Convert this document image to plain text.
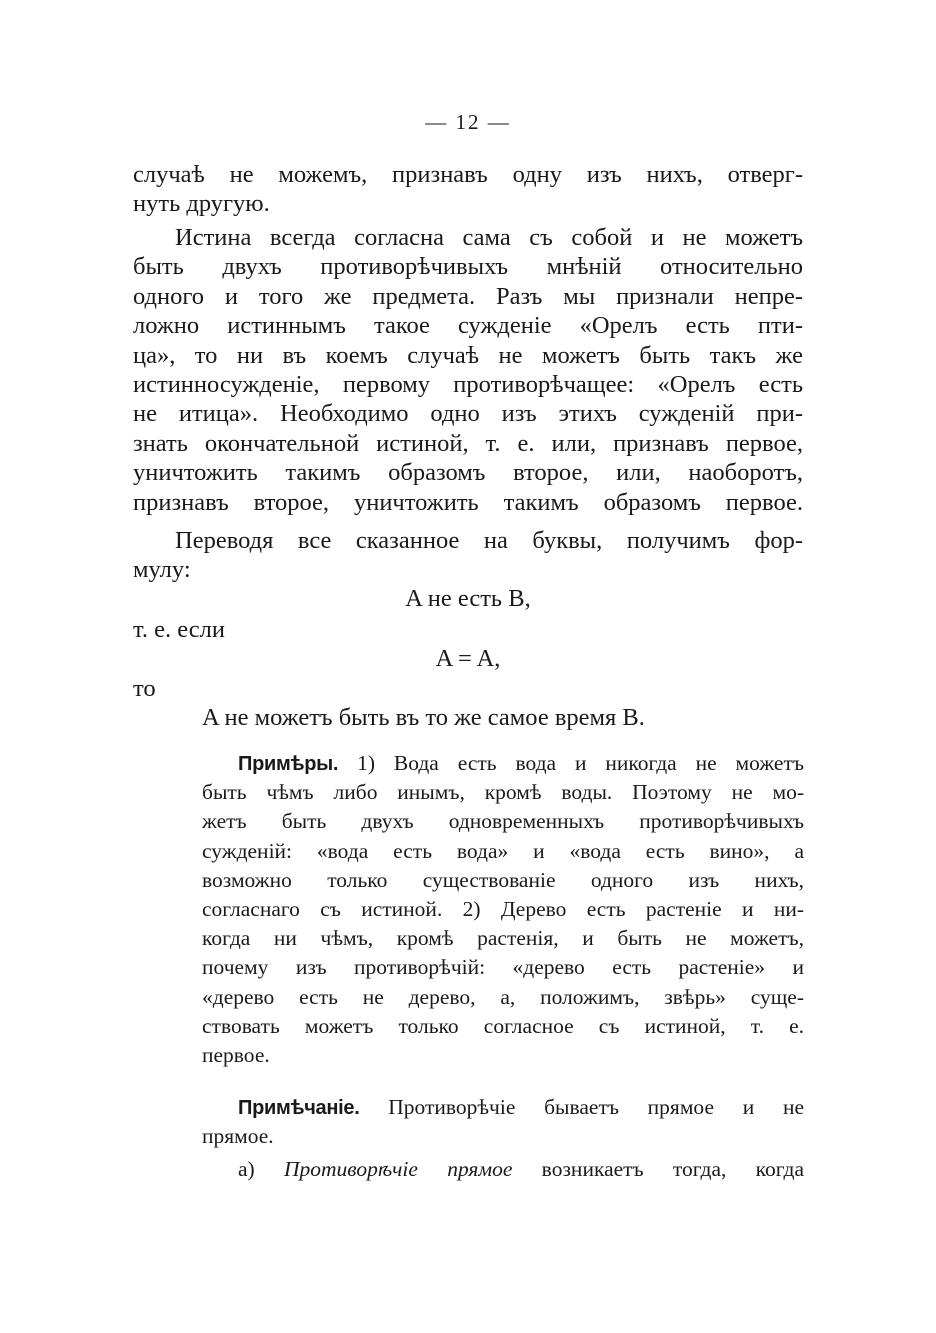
— 12 —
случаѣ не можемъ, признавъ одну изъ нихъ, отверг-
нуть другую.
Истина всегда согласна сама съ собой и не можетъ
быть двухъ противорѣчивыхъ мнѣній относительно
одного и того же предмета. Разъ мы признали непре-
ложно истиннымъ такое сужденіе «Орелъ есть пти-
ца», то ни въ коемъ случаѣ не можетъ быть такъ же
истинносужденіе, первому противорѣчащее: «Орелъ есть
не итица». Необходимо одно изъ этихъ сужденій при-
знать окончательной истиной, т. е. или, признавъ первое,
уничтожить такимъ образомъ второе, или, наоборотъ,
признавъ второе, уничтожить такимъ образомъ первое.
Переводя все сказанное на буквы, получимъ фор-
мулу:
A не есть B,
т. е. если
A = A,
то
A не можетъ быть въ то же самое время B.
Примѣры. 1) Вода есть вода и никогда не можетъ
быть чѣмъ либо инымъ, кромѣ воды. Поэтому не мо-
жетъ быть двухъ одновременныхъ противорѣчивыхъ
сужденій: «вода есть вода» и «вода есть вино», а
возможно только существованіе одного изъ нихъ,
согласнаго съ истиной. 2) Дерево есть растеніе и ни-
когда ни чѣмъ, кромѣ растенія, и быть не можетъ,
почему изъ противорѣчій: «дерево есть растеніе» и
«дерево есть не дерево, а, положимъ, звѣрь» суще-
ствовать можетъ только согласное съ истиной, т. е.
первое.
Примѣчаніе. Противорѣчіе бываетъ прямое и не
прямое.
а) Противорѣчіе прямое возникаетъ тогда, когда
